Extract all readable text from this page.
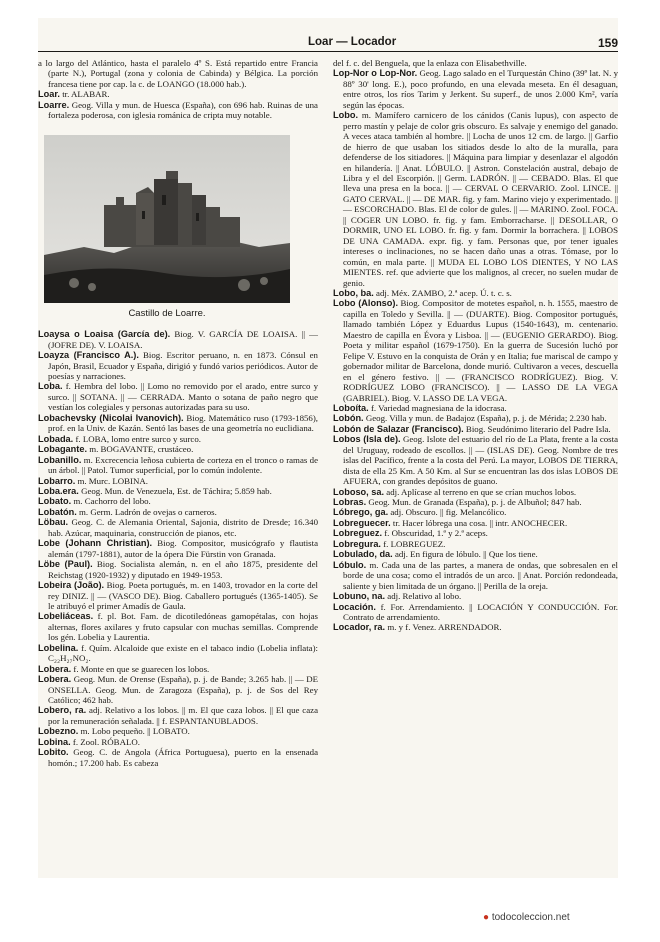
Loar — Locador	159

a lo largo del Atlántico, hasta el paralelo 4º S. Está repartido entre Francia (parte N.), Portugal (zona y colonia de Cabinda) y Bélgica. La porción francesa tiene por cap. la c. de LOANGO (18.000 hab.).

Loar. tr. ALABAR.

Loarre. Geog. Villa y mun. de Huesca (España), con 696 hab. Ruinas de una fortaleza poderosa, con iglesia románica de cripta muy notable.

Castillo de Loarre.

Loaysa o Loaisa (García de). Biog. V. GARCÍA DE LOAISA. || — (JOFRE DE). V. LOAISA.

Loayza (Francisco A.). Biog. Escritor peruano, n. en 1873. Cónsul en Japón, Brasil, Ecuador y España, dirigió y fundó varios periódicos. Autor de poesías y narraciones.

Loba. f. Hembra del lobo. || Lomo no removido por el arado, entre surco y surco. || SOTANA. || — CERRADA. Manto o sotana de paño negro que vestían los colegiales y personas autorizadas para su uso.

Lobachevsky (Nicolai Ivanovich). Biog. Matemático ruso (1793-1856), prof. en la Univ. de Kazán. Sentó las bases de una geometría no euclidiana.

Lobada. f. LOBA, lomo entre surco y surco.

Lobagante. m. BOGAVANTE, crustáceo.

Lobanillo. m. Excrecencia leñosa cubierta de corteza en el tronco o ramas de un árbol. || Patol. Tumor superficial, por lo común indolente.

Lobarro. m. Murc. LOBINA.

Loba.era. Geog. Mun. de Venezuela, Est. de Táchira; 5.859 hab.

Lobato. m. Cachorro del lobo.

Lobatón. m. Germ. Ladrón de ovejas o carneros.

Löbau. Geog. C. de Alemania Oriental, Sajonia, distrito de Dresde; 16.340 hab. Azúcar, maquinaria, construcción de pianos, etc.

Lobe (Johann Christian). Biog. Compositor, musicógrafo y flautista alemán (1797-1881), autor de la ópera Die Fürstin von Granada.

Löbe (Paul). Biog. Socialista alemán, n. en el año 1875, presidente del Reichstag (1920-1932) y diputado en 1949-1953.

Lobeira (João). Biog. Poeta portugués, m. en 1403, trovador en la corte del rey DINIZ. || — (VASCO DE). Biog. Caballero portugués (1365-1405). Se le atribuyó el primer Amadís de Gaula.

Lobeliáceas. f. pl. Bot. Fam. de dicotiledóneas gamopétalas, con hojas alternas, flores axilares y fruto capsular con muchas semillas. Comprende los gén. Lobelia y Laurentia.

Lobelina. f. Quím. Alcaloide que existe en el tabaco indio (Lobelia inflata): C₂₂H₂₇NO₂.

Lobera. f. Monte en que se guarecen los lobos.

Lobera. Geog. Mun. de Orense (España), p. j. de Bande; 3.265 hab. || — DE ONSELLA. Geog. Mun. de Zaragoza (España), p. j. de Sos del Rey Católico; 462 hab.

Lobero, ra. adj. Relativo a los lobos. || m. El que caza lobos. || El que caza por la remuneración señalada. || f. ESPANTANUBLADOS.

Lobezno. m. Lobo pequeño. || LOBATO.

Lobina. f. Zool. RÓBALO.

Lobito. Geog. C. de Angola (África Portuguesa), puerto en la ensenada homón.; 17.200 hab. Es cabeza

del f. c. del Benguela, que la enlaza con Elisabethville.

Lop-Nor o Lop-Nor. Geog. Lago salado en el Turquestán Chino (39º lat. N. y 88º 30' long. E.), poco profundo, en una elevada meseta. En él desaguan, entre otros, los ríos Tarim y Jerkent. Su superf., de unos 2.000 Km², varía según las épocas.

Lobo. m. Mamífero carnicero de los cánidos (Canis lupus), con aspecto de perro mastín y pelaje de color gris obscuro. Es salvaje y enemigo del ganado. A veces ataca también al hombre. || Locha de unos 12 cm. de largo. || Garfio de hierro de que usaban los sitiados desde lo alto de la muralla, para defenderse de los sitiadores. || Máquina para limpiar y desenlazar el algodón en hilandería. || Anat. LÓBULO. || Astron. Constelación austral, debajo de Libra y el del Escorpión. || Germ. LADRÓN. || — CEBADO. Blas. El que lleva una presa en la boca. || — CERVAL O CERVARIO. Zool. LINCE. || GATO CERVAL. || — DE MAR. fig. y fam. Marino viejo y experimentado. || — ESCORCHADO. Blas. El de color de gules. || — MARINO. Zool. FOCA. || COGER UN LOBO. fr. fig. y fam. Emborracharse. || DESOLLAR, O DORMIR, UNO EL LOBO. fr. fig. y fam. Dormir la borrachera. || LOBOS DE UNA CAMADA. expr. fig. y fam. Personas que, por tener iguales intereses o inclinaciones, no se hacen daño unas a otras. Tómase, por lo común, en mala parte. || MUDA EL LOBO LOS DIENTES, Y NO LAS MIENTES. ref. que advierte que los malignos, al crecer, no suelen mudar de genio.

Lobo, ba. adj. Méx. ZAMBO, 2.ª acep. Ú. t. c. s.

Lobo (Alonso). Biog. Compositor de motetes español, n. h. 1555, maestro de capilla en Toledo y Sevilla. || — (DUARTE). Biog. Compositor portugués, llamado también López y Eduardus Lupus (1540-1643), m. centenario. Maestro de capilla en Évora y Lisboa. || — (EUGENIO GERARDO). Biog. Poeta y militar español (1679-1750). En la guerra de Sucesión luchó por Felipe V. Estuvo en la conquista de Orán y en Italia; fue mariscal de campo y gobernador militar de Barcelona, donde murió. Cultivaron a veces, descuella en el género festivo. || — (FRANCISCO RODRÍGUEZ). Biog. V. RODRÍGUEZ LOBO (FRANCISCO). || — LASSO DE LA VEGA (GABRIEL). Biog. V. LASSO DE LA VEGA.

Loboíta. f. Variedad magnesiana de la idocrasa.

Lobón. Geog. Villa y mun. de Badajoz (España), p. j. de Mérida; 2.230 hab.

Lobón de Salazar (Francisco). Biog. Seudónimo literario del Padre Isla.

Lobos (Isla de). Geog. Islote del estuario del río de La Plata, frente a la costa del Uruguay, rodeado de escollos. || — (ISLAS DE). Geog. Nombre de tres islas del Pacífico, frente a la costa del Perú. La mayor, LOBOS DE TIERRA, dista de ella 25 Km. A 50 Km. al Sur se encuentran las dos islas LOBOS DE AFUERA, con grandes depósitos de guano.

Loboso, sa. adj. Aplícase al terreno en que se crían muchos lobos.

Lobras. Geog. Mun. de Granada (España), p. j. de Albuñol; 847 hab.

Lóbrego, ga. adj. Obscuro. || fig. Melancólico.

Lobreguecer. tr. Hacer lóbrega una cosa. || intr. ANOCHECER.

Lobreguez. f. Obscuridad, 1.ª y 2.ª aceps.

Lobregura. f. LOBREGUEZ.

Lobulado, da. adj. En figura de lóbulo. || Que los tiene.

Lóbulo. m. Cada una de las partes, a manera de ondas, que sobresalen en el borde de una cosa; como el intradós de un arco. || Anat. Porción redondeada, saliente y bien limitada de un órgano. || Perilla de la oreja.

Lobuno, na. adj. Relativo al lobo.

Locación. f. For. Arrendamiento. || LOCACIÓN Y CONDUCCIÓN. For. Contrato de arrendamiento.

Locador, ra. m. y f. Venez. ARRENDADOR.

● todocoleccion.net
